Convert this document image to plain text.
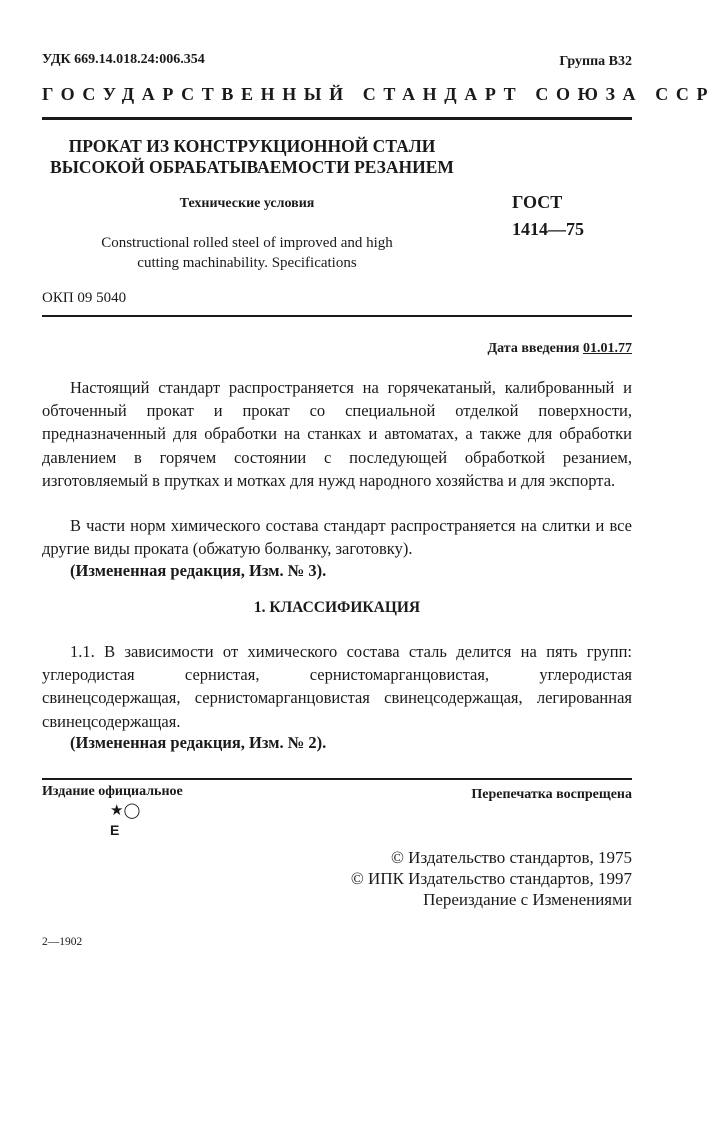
УДК 669.14.018.24:006.354	Группа В32
ГОСУДАРСТВЕННЫЙ СТАНДАРТ СОЮЗА ССР
ПРОКАТ ИЗ КОНСТРУКЦИОННОЙ СТАЛИ
ВЫСОКОЙ ОБРАБАТЫВАЕМОСТИ РЕЗАНИЕМ
Технические условия
Constructional rolled steel of improved and high
cutting machinability. Specifications
ГОСТ
1414—75
ОКП 09 5040
Дата введения 01.01.77
Настоящий стандарт распространяется на горячекатаный, калиброванный и обточенный прокат и прокат со специальной отделкой поверхности, предназначенный для обработки на станках и автоматах, а также для обработки давлением в горячем состоянии с последующей обработкой резанием, изготовляемый в прутках и мотках для нужд народного хозяйства и для экспорта.
В части норм химического состава стандарт распространяется на слитки и все другие виды проката (обжатую болванку, заготовку).
(Измененная редакция, Изм. № 3).
1. КЛАССИФИКАЦИЯ
1.1. В зависимости от химического состава сталь делится на пять групп: углеродистая сернистая, сернистомарганцовистая, углеродистая свинецсодержащая, сернистомарганцовистая свинецсодержащая, легированная свинецсодержащая.
(Измененная редакция, Изм. № 2).
Издание официальное	Перепечатка воспрещена
★◯
E
© Издательство стандартов, 1975
© ИПК Издательство стандартов, 1997
Переиздание с Изменениями
2—1902
